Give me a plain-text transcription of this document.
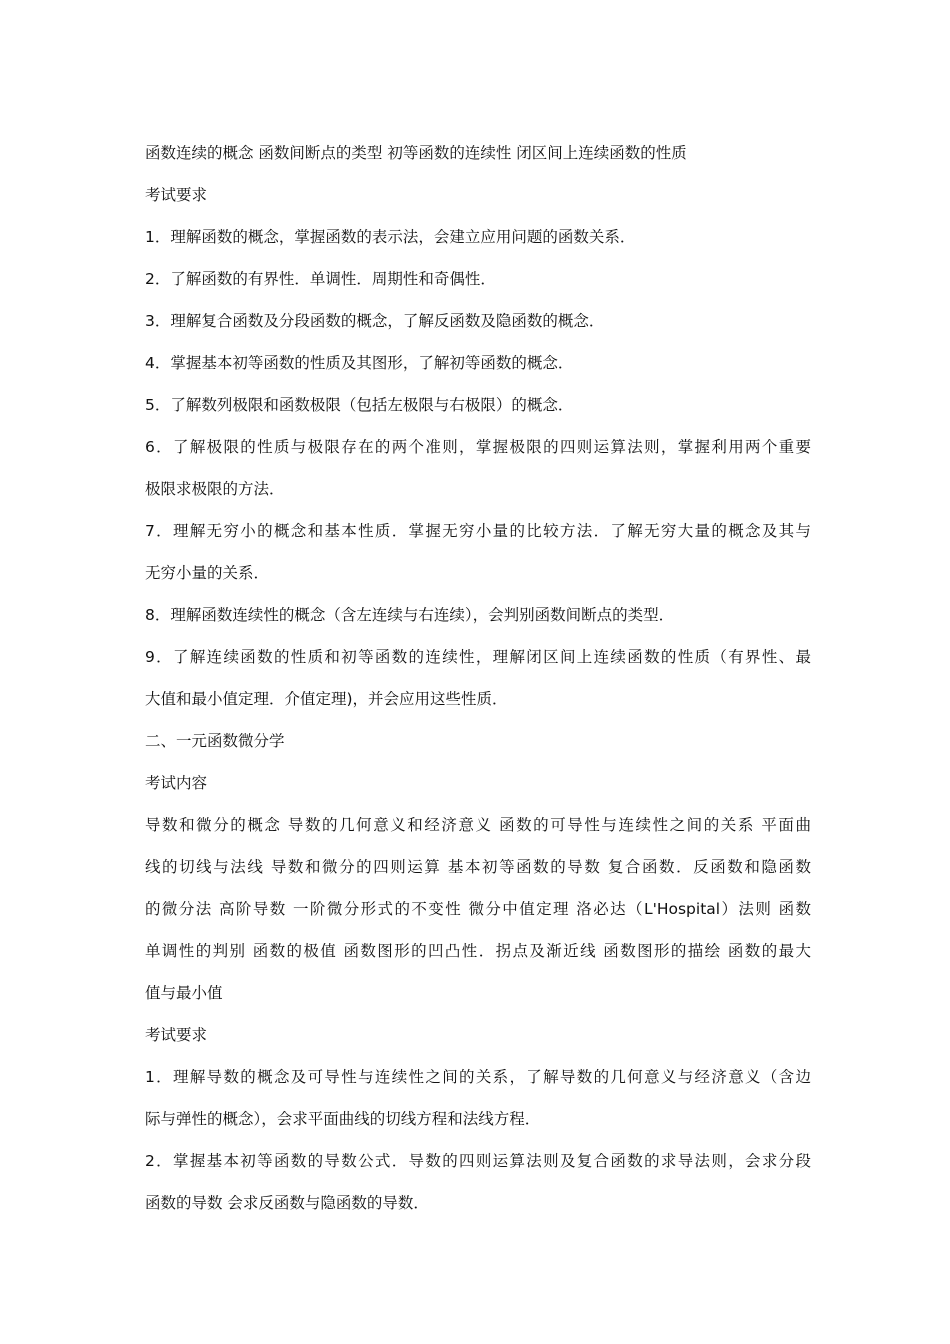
函数连续的概念 函数间断点的类型 初等函数的连续性 闭区间上连续函数的性质

考试要求

1．理解函数的概念，掌握函数的表示法，会建立应用问题的函数关系．

2．了解函数的有界性．单调性．周期性和奇偶性．

3．理解复合函数及分段函数的概念，了解反函数及隐函数的概念．

4．掌握基本初等函数的性质及其图形，了解初等函数的概念．

5．了解数列极限和函数极限（包括左极限与右极限）的概念．

6．了解极限的性质与极限存在的两个准则，掌握极限的四则运算法则，掌握利用两个重要

极限求极限的方法．

7．理解无穷小的概念和基本性质．掌握无穷小量的比较方法．了解无穷大量的概念及其与

无穷小量的关系．

8．理解函数连续性的概念（含左连续与右连续），会判别函数间断点的类型．

9．了解连续函数的性质和初等函数的连续性，理解闭区间上连续函数的性质（有界性、最

大值和最小值定理．介值定理)，并会应用这些性质．

二、一元函数微分学

考试内容

导数和微分的概念 导数的几何意义和经济意义 函数的可导性与连续性之间的关系 平面曲

线的切线与法线 导数和微分的四则运算 基本初等函数的导数 复合函数．反函数和隐函数

的微分法 高阶导数 一阶微分形式的不变性 微分中值定理 洛必达（L'Hospital）法则 函数

单调性的判别 函数的极值 函数图形的凹凸性．拐点及渐近线 函数图形的描绘 函数的最大

值与最小值

考试要求

1．理解导数的概念及可导性与连续性之间的关系，了解导数的几何意义与经济意义（含边

际与弹性的概念），会求平面曲线的切线方程和法线方程．

2．掌握基本初等函数的导数公式．导数的四则运算法则及复合函数的求导法则，会求分段

函数的导数 会求反函数与隐函数的导数．
